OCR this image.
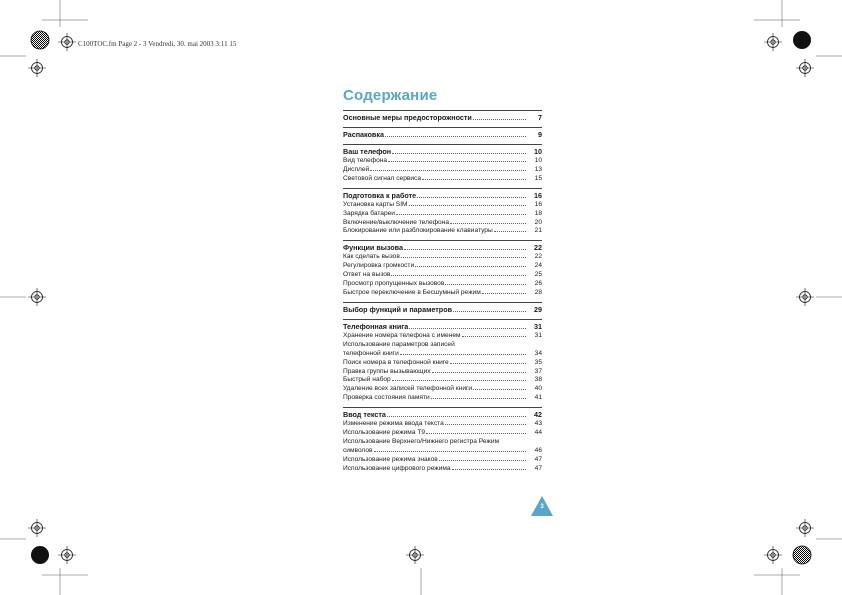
C100TOC.fm Page 2 - 3 Vendredi, 30. mai 2003 3:11 15
Содержание
Основные меры предосторожности	7
Распаковка	9
Ваш телефон	10
Вид телефона	10
Дисплей	13
Световой сигнал сервиса	15
Подготовка к работе	16
Установка карты SIM	16
Зарядка батареи	18
Включение/выключение телефона	20
Блокирование или разблокирование клавиатуры	21
Функции вызова	22
Как сделать вызов	22
Регулировка громкости	24
Ответ на вызов	25
Просмотр пропущенных вызовов	26
Быстрое переключение в Бесшумный режим	28
Выбор функций и параметров	29
Телефонная книга	31
Хранение номера телефона с именем	31
Использование параметров записей
телефонной книги	34
Поиск номера в телефонной книге	35
Правка группы вызывающих	37
Быстрый набор	38
Удаление всех записей телефонной книги	40
Проверка состояния памяти	41
Ввод текста	42
Изменение режима ввода текста	43
Использование режима T9	44
Использование Верхнего/Нижнего регистра Режим
символов	46
Использование режима знаков	47
Использование цифрового режима	47
3
